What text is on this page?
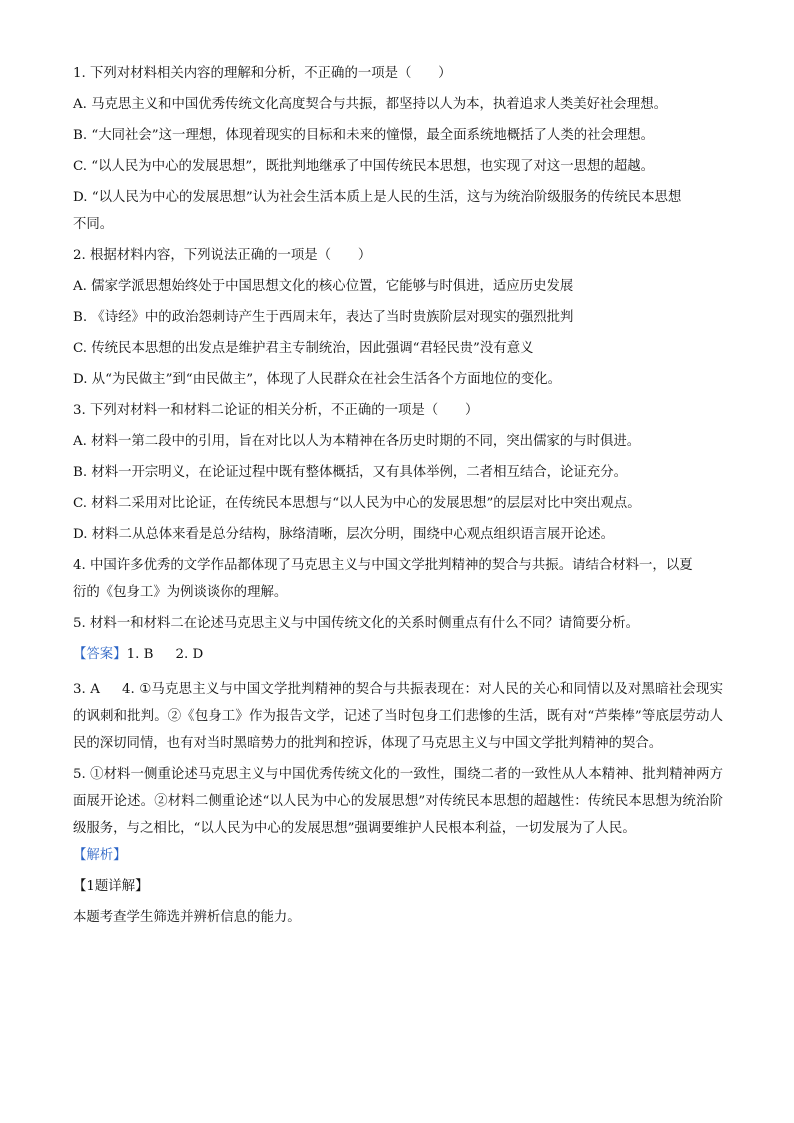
1. 下列对材料相关内容的理解和分析，不正确的一项是（　　）
A. 马克思主义和中国优秀传统文化高度契合与共振，都坚持以人为本，执着追求人类美好社会理想。
B. “大同社会”这一理想，体现着现实的目标和未来的憧憬，最全面系统地概括了人类的社会理想。
C. “以人民为中心的发展思想”，既批判地继承了中国传统民本思想，也实现了对这一思想的超越。
D. “以人民为中心的发展思想”认为社会生活本质上是人民的生活，这与为统治阶级服务的传统民本思想
不同。
2. 根据材料内容，下列说法正确的一项是（　　）
A. 儒家学派思想始终处于中国思想文化的核心位置，它能够与时俱进，适应历史发展
B. 《诗经》中的政治怨刺诗产生于西周末年，表达了当时贵族阶层对现实的强烈批判
C. 传统民本思想的出发点是维护君主专制统治，因此强调“君轻民贵”没有意义
D. 从“为民做主”到“由民做主”，体现了人民群众在社会生活各个方面地位的变化。
3. 下列对材料一和材料二论证的相关分析，不正确的一项是（　　）
A. 材料一第二段中的引用，旨在对比以人为本精神在各历史时期的不同，突出儒家的与时俱进。
B. 材料一开宗明义，在论证过程中既有整体概括，又有具体举例，二者相互结合，论证充分。
C. 材料二采用对比论证，在传统民本思想与“以人民为中心的发展思想”的层层对比中突出观点。
D. 材料二从总体来看是总分结构，脉络清晰，层次分明，围绕中心观点组织语言展开论述。
4. 中国许多优秀的文学作品都体现了马克思主义与中国文学批判精神的契合与共振。请结合材料一，以夏
衍的《包身工》为例谈谈你的理解。
5. 材料一和材料二在论述马克思主义与中国传统文化的关系时侧重点有什么不同？请简要分析。
【答案】1. B 2. D
3. A 4. ①马克思主义与中国文学批判精神的契合与共振表现在：对人民的关心和同情以及对黑暗社会现实的讽刺和批判。②《包身工》作为报告文学，记述了当时包身工们悲惨的生活，既有对“芦柴棒”等底层劳动人民的深切同情，也有对当时黑暗势力的批判和控诉，体现了马克思主义与中国文学批判精神的契合。
5. ①材料一侧重论述马克思主义与中国优秀传统文化的一致性，围绕二者的一致性从人本精神、批判精神两方面展开论述。②材料二侧重论述“以人民为中心的发展思想”对传统民本思想的超越性：传统民本思想为统治阶级服务，与之相比，“以人民为中心的发展思想”强调要维护人民根本利益，一切发展为了人民。
【解析】
【1题详解】
本题考查学生筛选并辨析信息的能力。
